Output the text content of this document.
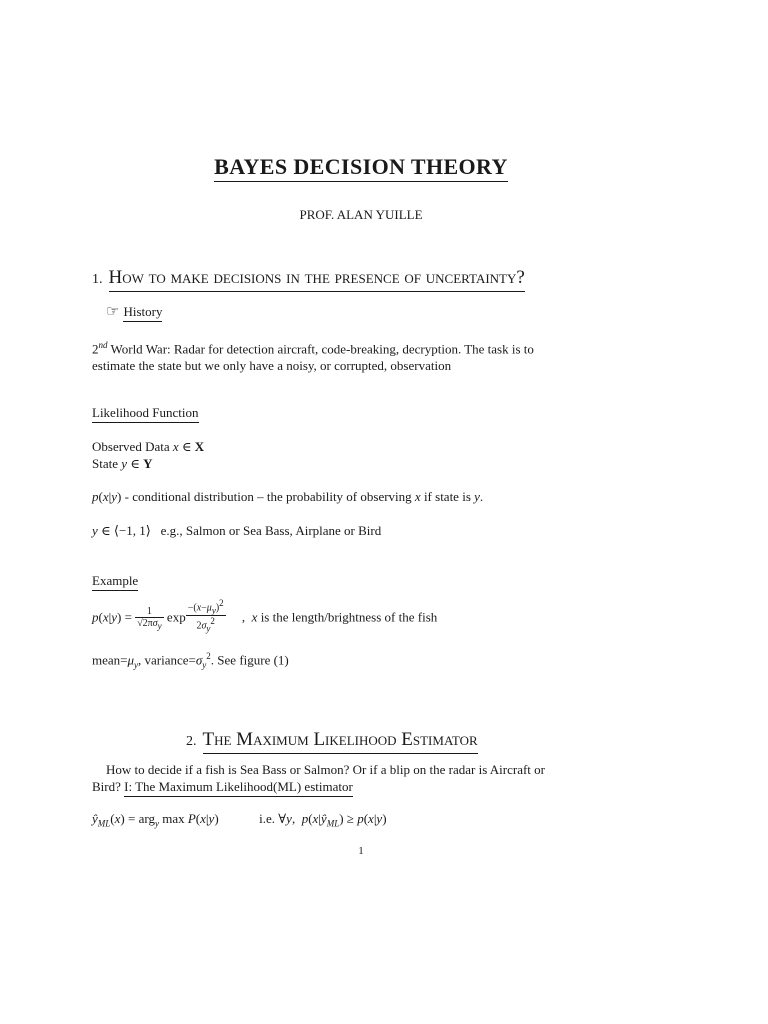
BAYES DECISION THEORY
PROF. ALAN YUILLE
1. How to make decisions in the presence of uncertainty?
☞ History
2nd World War: Radar for detection aircraft, code-breaking, decryption. The task is to
estimate the state but we only have a noisy, or corrupted, observation
Likelihood Function
Observed Data x ∈ X
State y ∈ Y
p(x|y) - conditional distribution – the probability of observing x if state is y.
y ∈ ⟨−1, 1⟩   e.g., Salmon or Sea Bass, Airplane or Bird
Example
$p(x|y) = \frac{1}{√2\pi\sigma_y}$ $\exp \frac{-(x-\mu_y)^2}{2\sigma_y^2}$ ,  x is the length/brightness of the fish
$mean=\mu_y$, $variance=\sigma_y^2$. See figure (1)
2. The Maximum Likelihood Estimator
How to decide if a fish is Sea Bass or Salmon? Or if a blip on the radar is Aircraft or
Bird? I: The Maximum Likelihood(ML) estimator
$ŷ_{ML}(x) = arg_y$ max P(x|y)	i.e. ∀y,  $p(x|ŷ_{ML}) \ge p(x|y)$
1
